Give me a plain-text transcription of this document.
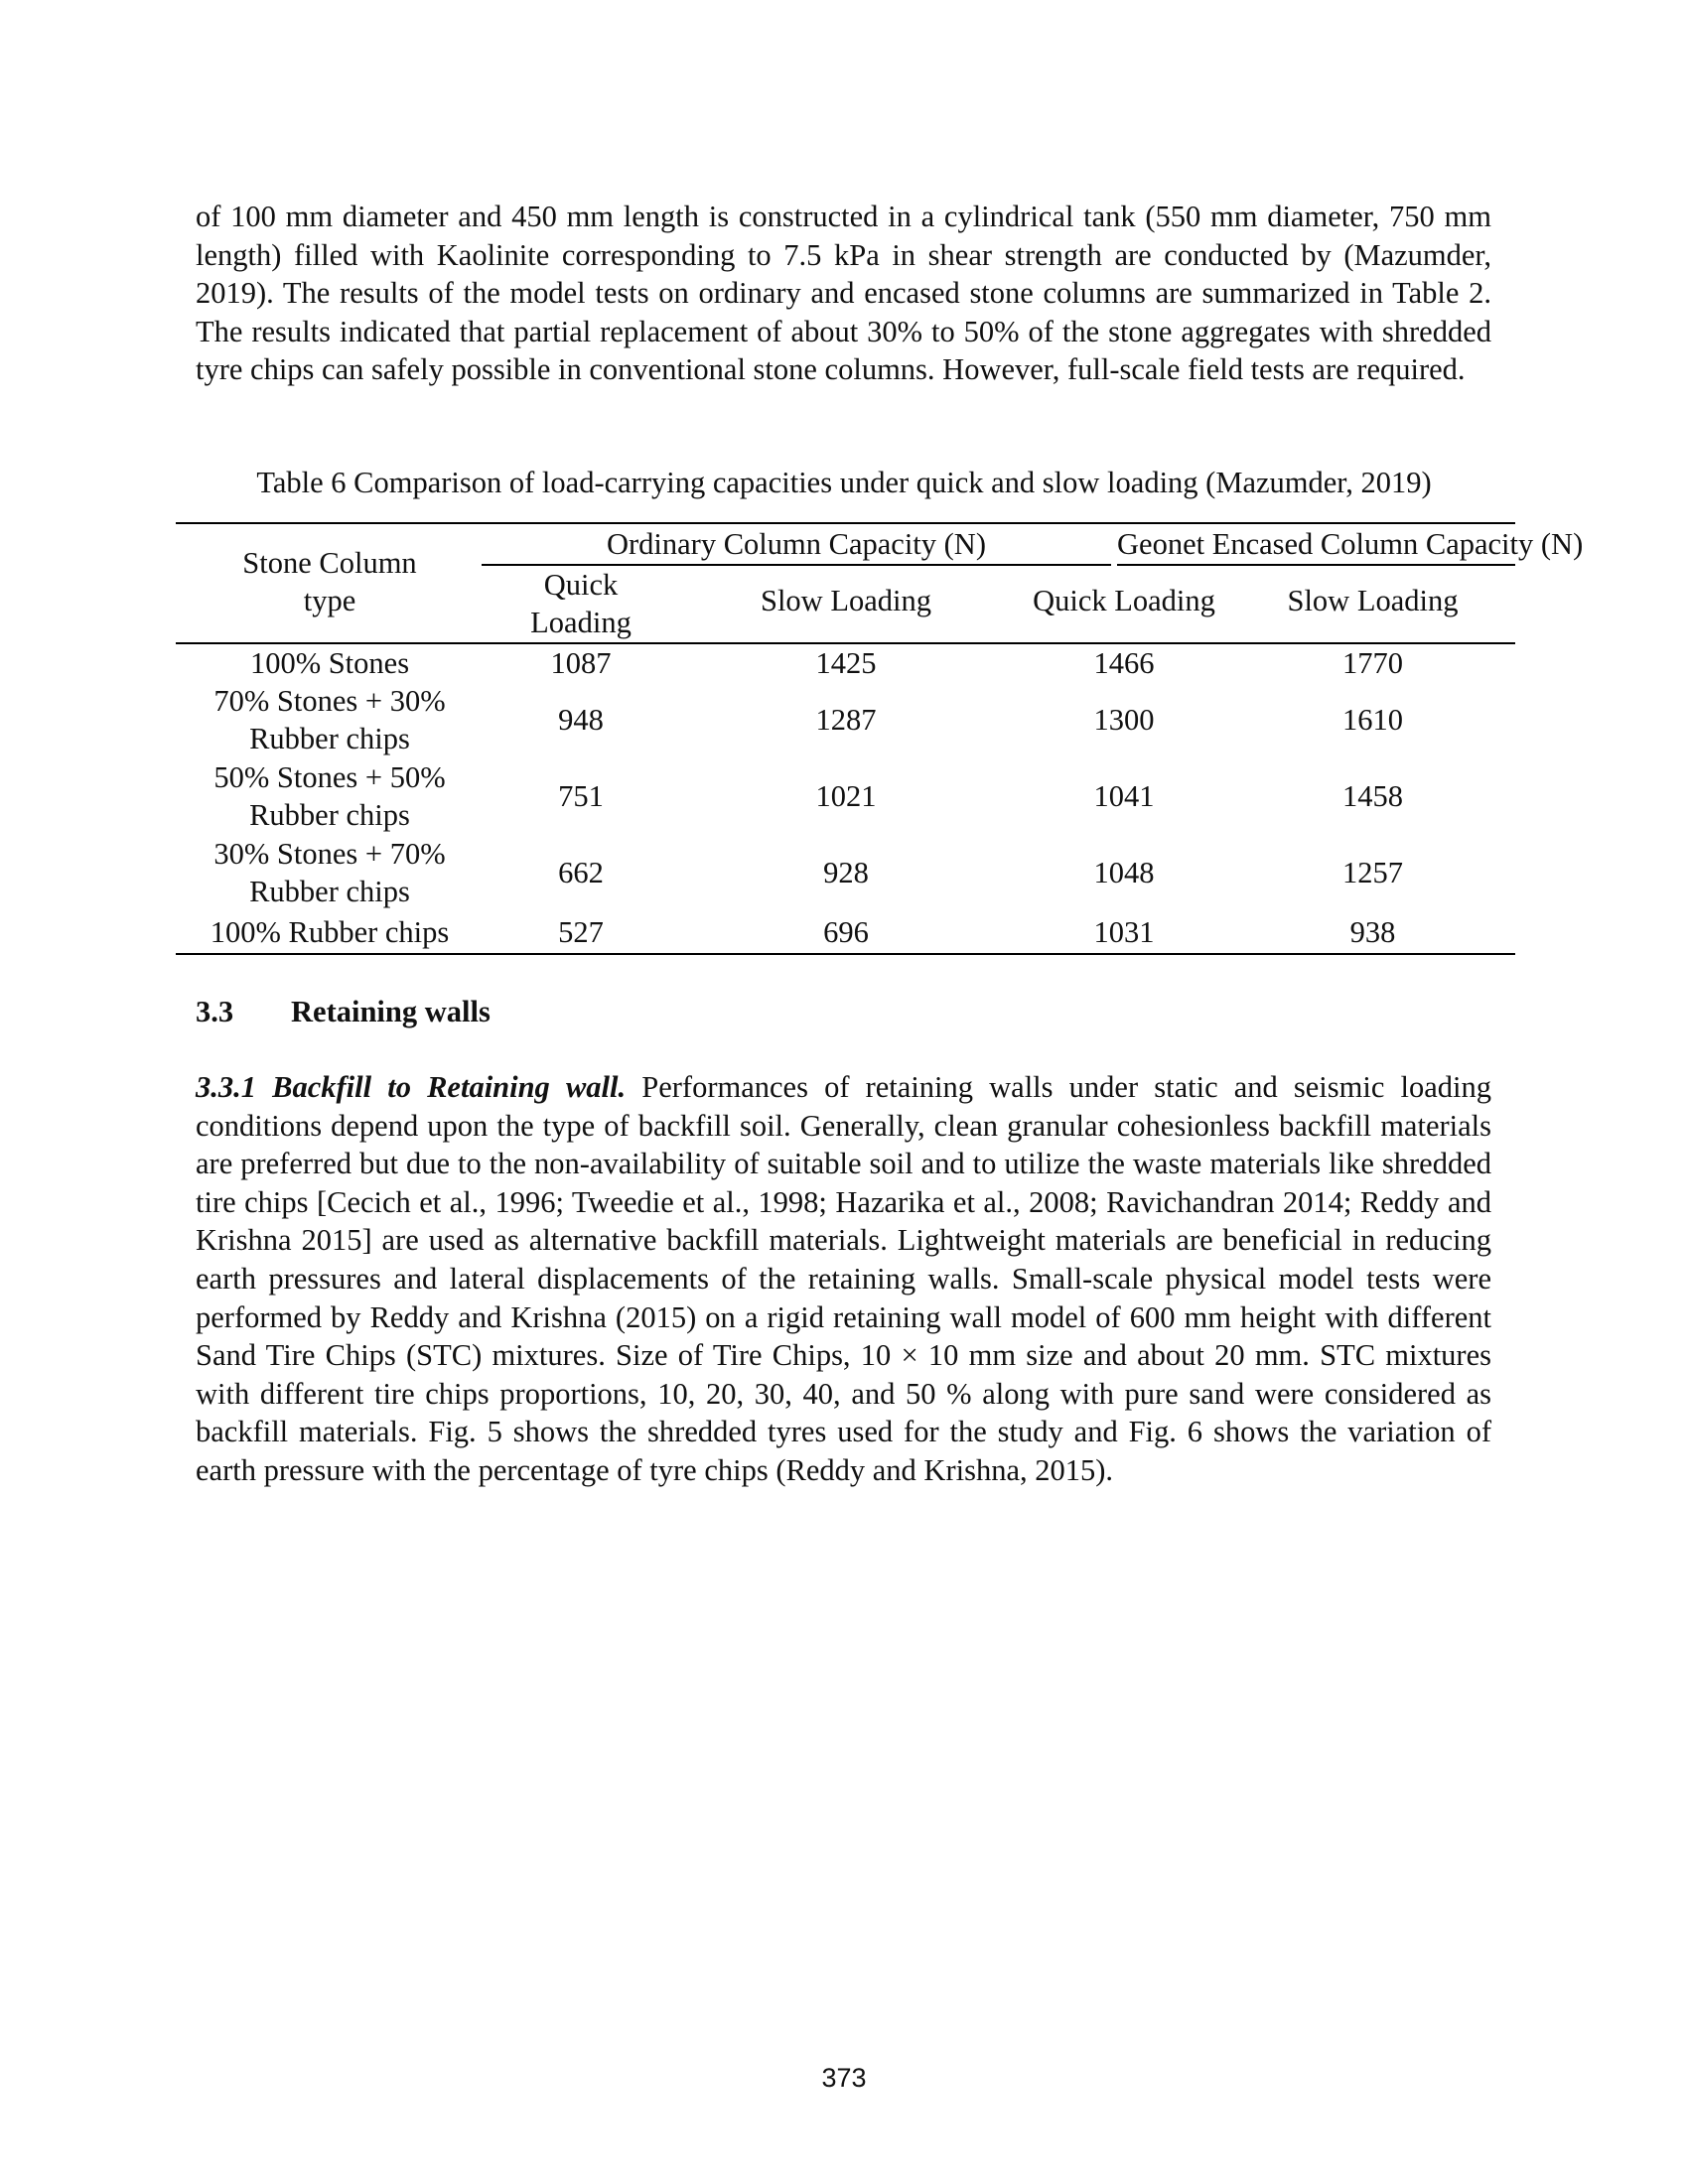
of 100 mm diameter and 450 mm length is constructed in a cylindrical tank (550 mm diameter, 750 mm length) filled with Kaolinite corresponding to 7.5 kPa in shear strength are conducted by (Mazumder, 2019). The results of the model tests on ordinary and encased stone columns are summarized in Table 2. The results indicated that partial replacement of about 30% to 50% of the stone aggregates with shredded tyre chips can safely possible in conventional stone columns. However, full-scale field tests are required.

Table 6 Comparison of load-carrying capacities under quick and slow loading (Mazumder, 2019)

Stone Column
type
Ordinary Column Capacity (N)	Geonet Encased Column Capacity (N)
Quick
Loading
Slow Loading	Quick Loading	Slow Loading
100% Stones	1087	1425	1466	1770
70% Stones + 30%
Rubber chips
948	1287	1300	1610
50% Stones + 50%
Rubber chips
751	1021	1041	1458
30% Stones + 70%
Rubber chips
662	928	1048	1257
100% Rubber chips	527	696	1031	938
3.3 Retaining walls

3.3.1 Backfill to Retaining wall. Performances of retaining walls under static and seismic loading conditions depend upon the type of backfill soil. Generally, clean granular cohesionless backfill materials are preferred but due to the non-availability of suitable soil and to utilize the waste materials like shredded tire chips [Cecich et al., 1996; Tweedie et al., 1998; Hazarika et al., 2008; Ravichandran 2014; Reddy and Krishna 2015] are used as alternative backfill materials. Lightweight materials are beneficial in reducing earth pressures and lateral displacements of the retaining walls. Small-scale physical model tests were performed by Reddy and Krishna (2015) on a rigid retaining wall model of 600 mm height with different Sand Tire Chips (STC) mixtures. Size of Tire Chips, 10 × 10 mm size and about 20 mm. STC mixtures with different tire chips proportions, 10, 20, 30, 40, and 50 % along with pure sand were considered as backfill materials. Fig. 5 shows the shredded tyres used for the study and Fig. 6 shows the variation of earth pressure with the percentage of tyre chips (Reddy and Krishna, 2015).

373
